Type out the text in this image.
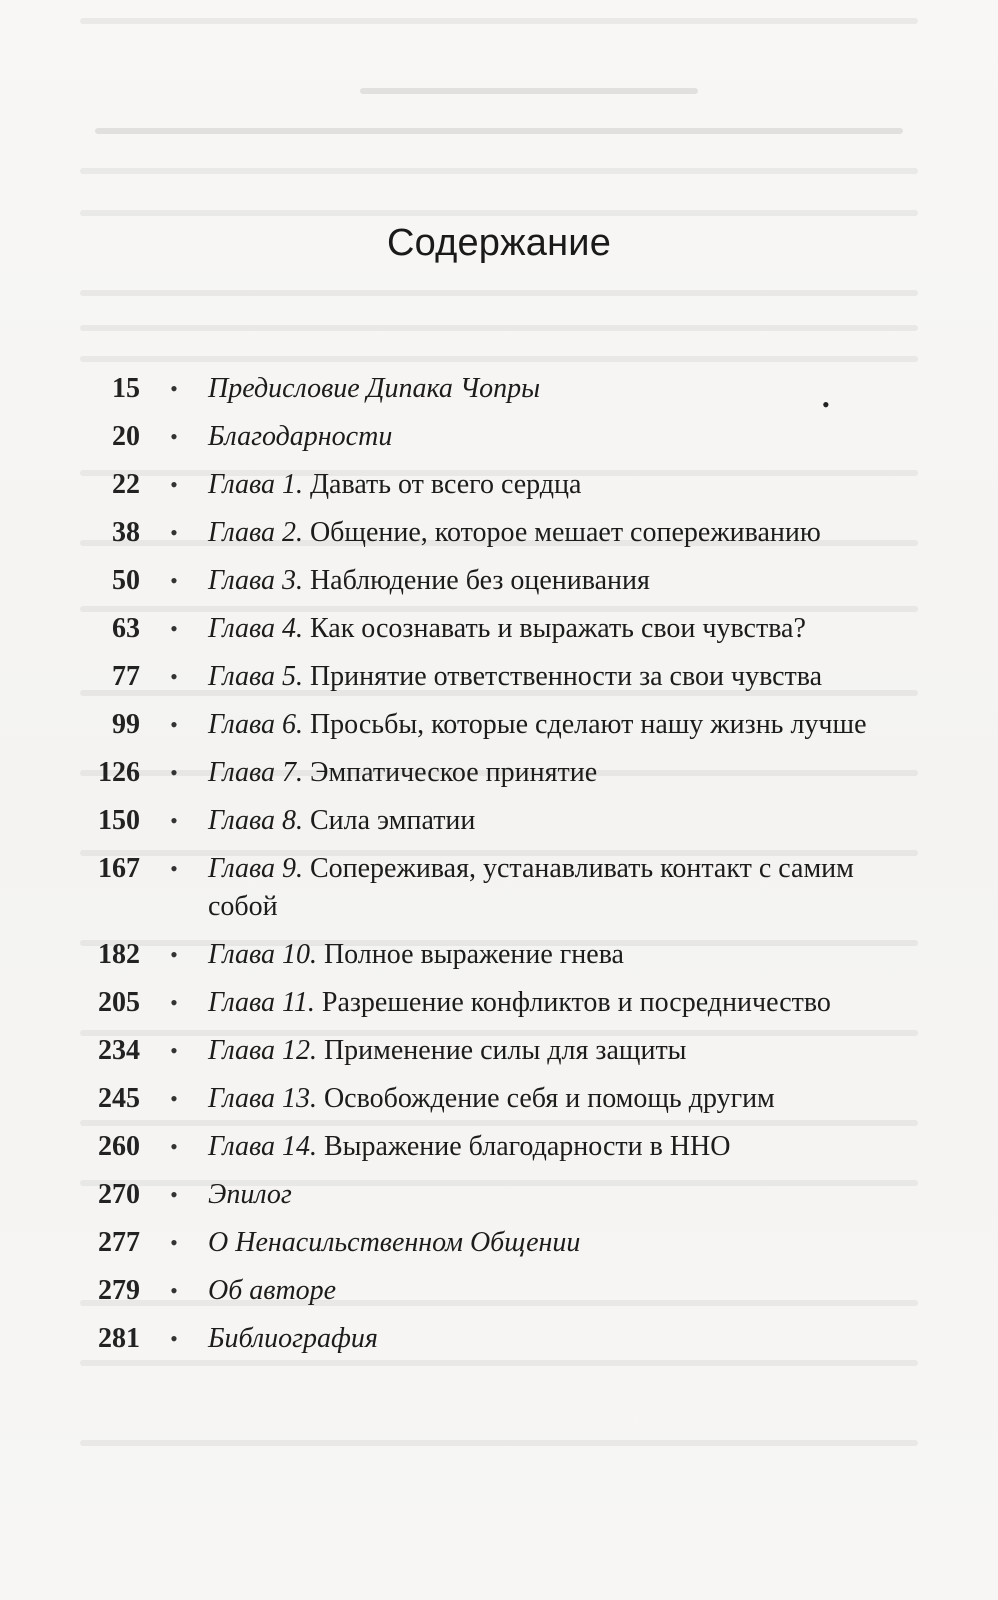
Содержание
•
15	•	Предисловие Дипака Чопры
20	•	Благодарности
22	•	Глава 1. Давать от всего сердца
38	•	Глава 2. Общение, которое мешает сопереживанию
50	•	Глава 3. Наблюдение без оценивания
63	•	Глава 4. Как осознавать и выражать свои чувства?
77	•	Глава 5. Принятие ответственности за свои чувства
99	•	Глава 6. Просьбы, которые сделают нашу жизнь лучше
126	•	Глава 7. Эмпатическое принятие
150	•	Глава 8. Сила эмпатии
167	•	Глава 9. Сопереживая, устанавливать контакт с самим собой
182	•	Глава 10. Полное выражение гнева
205	•	Глава 11. Разрешение конфликтов и посредничество
234	•	Глава 12. Применение силы для защиты
245	•	Глава 13. Освобождение себя и помощь другим
260	•	Глава 14. Выражение благодарности в ННО
270	•	Эпилог
277	•	О Ненасильственном Общении
279	•	Об авторе
281	•	Библиография
